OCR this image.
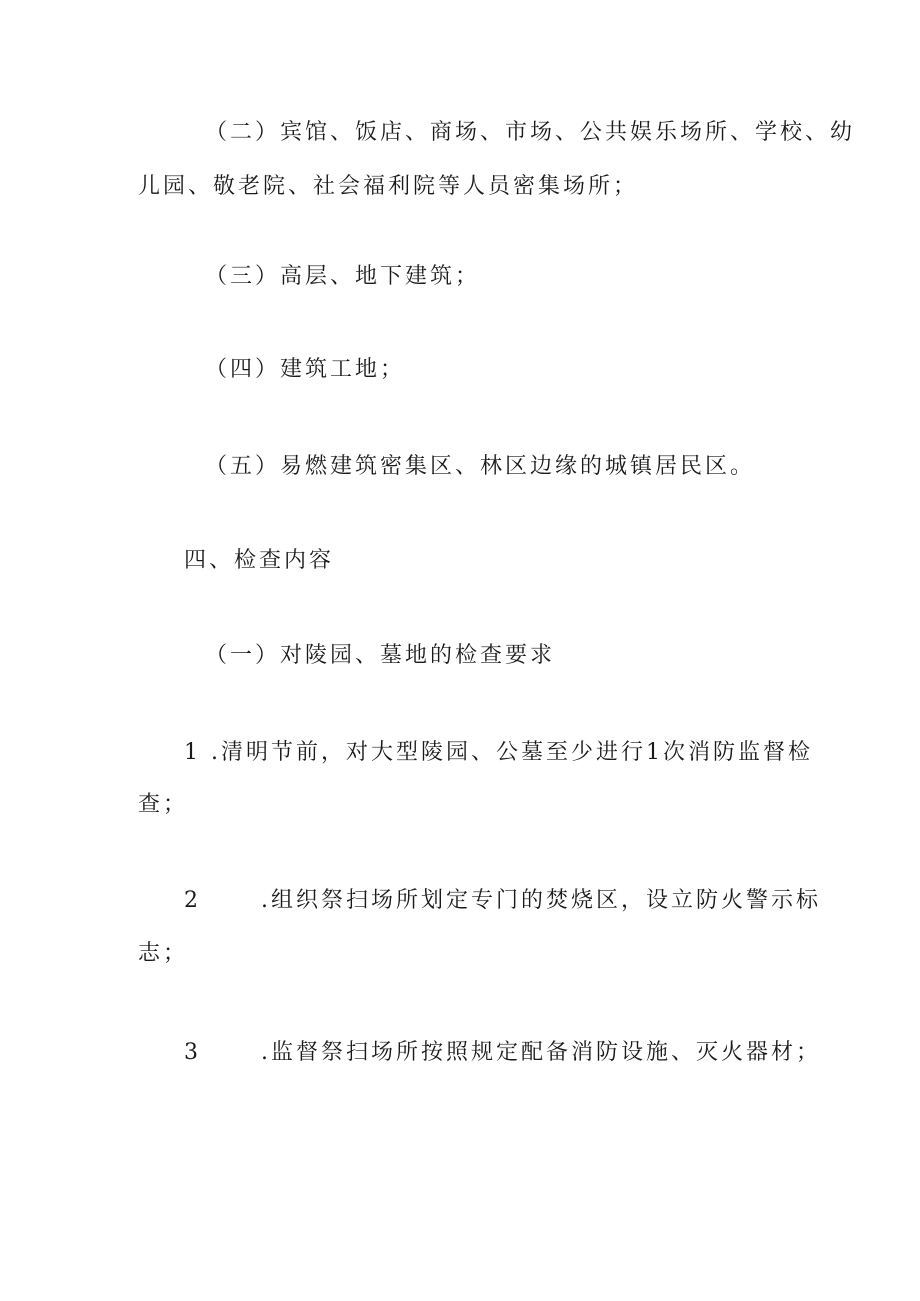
（二）宾馆、饭店、商场、市场、公共娱乐场所、学校、幼
儿园、敬老院、社会福利院等人员密集场所；
（三）高层、地下建筑；
（四）建筑工地；
（五）易燃建筑密集区、林区边缘的城镇居民区。
四、检查内容
（一）对陵园、墓地的检查要求
1 .清明节前，对大型陵园、公墓至少进行1次消防监督检
查；
2	.组织祭扫场所划定专门的焚烧区，设立防火警示标
志；
3	.监督祭扫场所按照规定配备消防设施、灭火器材；
